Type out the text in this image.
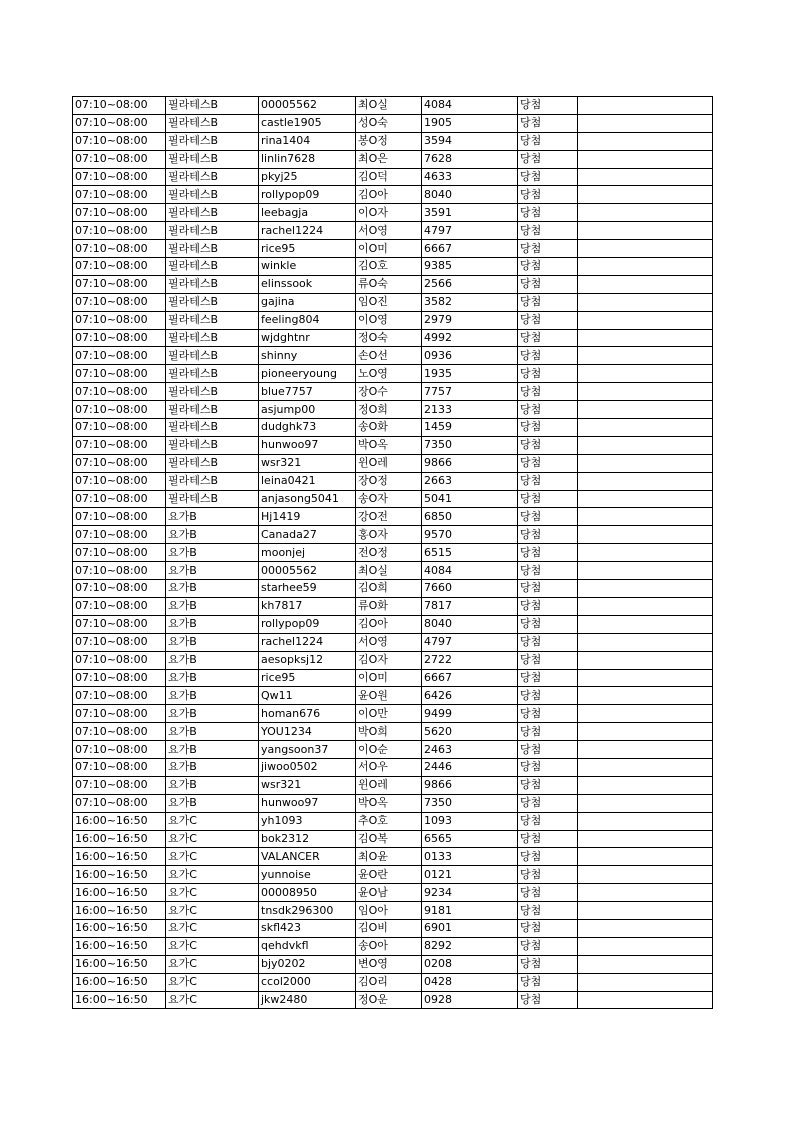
07:10~08:00	필라테스B	00005562	최O실	4084	당첨	
07:10~08:00	필라테스B	castle1905	성O숙	1905	당첨	
07:10~08:00	필라테스B	rina1404	봉O정	3594	당첨	
07:10~08:00	필라테스B	linlin7628	최O은	7628	당첨	
07:10~08:00	필라테스B	pkyj25	김O덕	4633	당첨	
07:10~08:00	필라테스B	rollypop09	김O아	8040	당첨	
07:10~08:00	필라테스B	leebagja	이O자	3591	당첨	
07:10~08:00	필라테스B	rachel1224	서O영	4797	당첨	
07:10~08:00	필라테스B	rice95	이O미	6667	당첨	
07:10~08:00	필라테스B	winkle	김O호	9385	당첨	
07:10~08:00	필라테스B	elinssook	류O숙	2566	당첨	
07:10~08:00	필라테스B	gajina	임O진	3582	당첨	
07:10~08:00	필라테스B	feeling804	이O영	2979	당첨	
07:10~08:00	필라테스B	wjdghtnr	정O숙	4992	당첨	
07:10~08:00	필라테스B	shinny	손O선	0936	당첨	
07:10~08:00	필라테스B	pioneeryoung	노O영	1935	당첨	
07:10~08:00	필라테스B	blue7757	장O수	7757	당첨	
07:10~08:00	필라테스B	asjump00	정O희	2133	당첨	
07:10~08:00	필라테스B	dudghk73	송O화	1459	당첨	
07:10~08:00	필라테스B	hunwoo97	박O옥	7350	당첨	
07:10~08:00	필라테스B	wsr321	윈O레	9866	당첨	
07:10~08:00	필라테스B	leina0421	장O정	2663	당첨	
07:10~08:00	필라테스B	anjasong5041	송O자	5041	당첨	
07:10~08:00	요가B	Hj1419	강O전	6850	당첨	
07:10~08:00	요가B	Canada27	홍O자	9570	당첨	
07:10~08:00	요가B	moonjej	전O정	6515	당첨	
07:10~08:00	요가B	00005562	최O실	4084	당첨	
07:10~08:00	요가B	starhee59	김O희	7660	당첨	
07:10~08:00	요가B	kh7817	류O화	7817	당첨	
07:10~08:00	요가B	rollypop09	김O아	8040	당첨	
07:10~08:00	요가B	rachel1224	서O영	4797	당첨	
07:10~08:00	요가B	aesopksj12	김O자	2722	당첨	
07:10~08:00	요가B	rice95	이O미	6667	당첨	
07:10~08:00	요가B	Qw11	윤O원	6426	당첨	
07:10~08:00	요가B	homan676	이O만	9499	당첨	
07:10~08:00	요가B	YOU1234	박O희	5620	당첨	
07:10~08:00	요가B	yangsoon37	이O순	2463	당첨	
07:10~08:00	요가B	jiwoo0502	서O우	2446	당첨	
07:10~08:00	요가B	wsr321	윈O레	9866	당첨	
07:10~08:00	요가B	hunwoo97	박O옥	7350	당첨	
16:00~16:50	요가C	yh1093	추O호	1093	당첨	
16:00~16:50	요가C	bok2312	김O복	6565	당첨	
16:00~16:50	요가C	VALANCER	최O윤	0133	당첨	
16:00~16:50	요가C	yunnoise	윤O란	0121	당첨	
16:00~16:50	요가C	00008950	윤O남	9234	당첨	
16:00~16:50	요가C	tnsdk296300	임O아	9181	당첨	
16:00~16:50	요가C	skfl423	김O비	6901	당첨	
16:00~16:50	요가C	qehdvkfl	송O아	8292	당첨	
16:00~16:50	요가C	bjy0202	변O영	0208	당첨	
16:00~16:50	요가C	ccol2000	김O리	0428	당첨	
16:00~16:50	요가C	jkw2480	정O운	0928	당첨	
